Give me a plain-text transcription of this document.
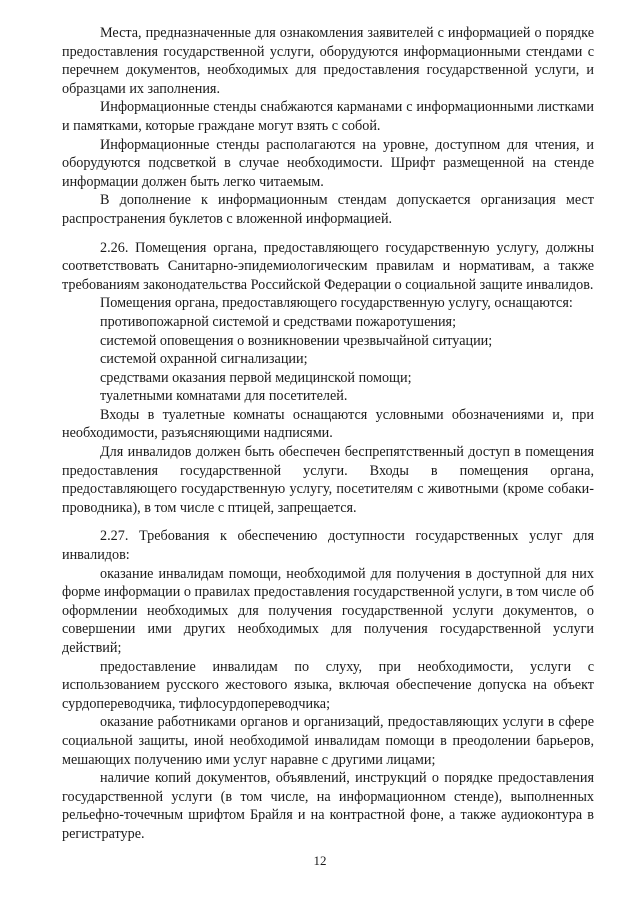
Места, предназначенные для ознакомления заявителей с информацией о порядке предоставления государственной услуги, оборудуются информационными стендами с перечнем документов, необходимых для предоставления государственной услуги, и образцами их заполнения.

Информационные стенды снабжаются карманами с информационными листками и памятками, которые граждане могут взять с собой.

Информационные стенды располагаются на уровне, доступном для чтения, и оборудуются подсветкой в случае необходимости. Шрифт размещенной на стенде информации должен быть легко читаемым.

В дополнение к информационным стендам допускается организация мест распространения буклетов с вложенной информацией.

2.26. Помещения органа, предоставляющего государственную услугу, должны соответствовать Санитарно-эпидемиологическим правилам и нормативам, а также требованиям законодательства Российской Федерации о социальной защите инвалидов.

Помещения органа, предоставляющего государственную услугу, оснащаются:

противопожарной системой и средствами пожаротушения;

системой оповещения о возникновении чрезвычайной ситуации;

системой охранной сигнализации;

средствами оказания первой медицинской помощи;

туалетными комнатами для посетителей.

Входы в туалетные комнаты оснащаются условными обозначениями и, при необходимости, разъясняющими надписями.

Для инвалидов должен быть обеспечен беспрепятственный доступ в помещения предоставления государственной услуги. Входы в помещения органа, предоставляющего государственную услугу, посетителям с животными (кроме собаки-проводника), в том числе с птицей, запрещается.

2.27. Требования к обеспечению доступности государственных услуг для инвалидов:

оказание инвалидам помощи, необходимой для получения в доступной для них форме информации о правилах предоставления государственной услуги, в том числе об оформлении необходимых для получения государственной услуги документов, о совершении ими других необходимых для получения государственной услуги действий;

предоставление инвалидам по слуху, при необходимости, услуги с использованием русского жестового языка, включая обеспечение допуска на объект сурдопереводчика, тифлосурдопереводчика;

оказание работниками органов и организаций, предоставляющих услуги в сфере социальной защиты, иной необходимой инвалидам помощи в преодолении барьеров, мешающих получению ими услуг наравне с другими лицами;

наличие копий документов, объявлений, инструкций о порядке предоставления государственной услуги (в том числе, на информационном стенде), выполненных рельефно-точечным шрифтом Брайля и на контрастной фоне, а также аудиоконтура в регистратуре.

12
